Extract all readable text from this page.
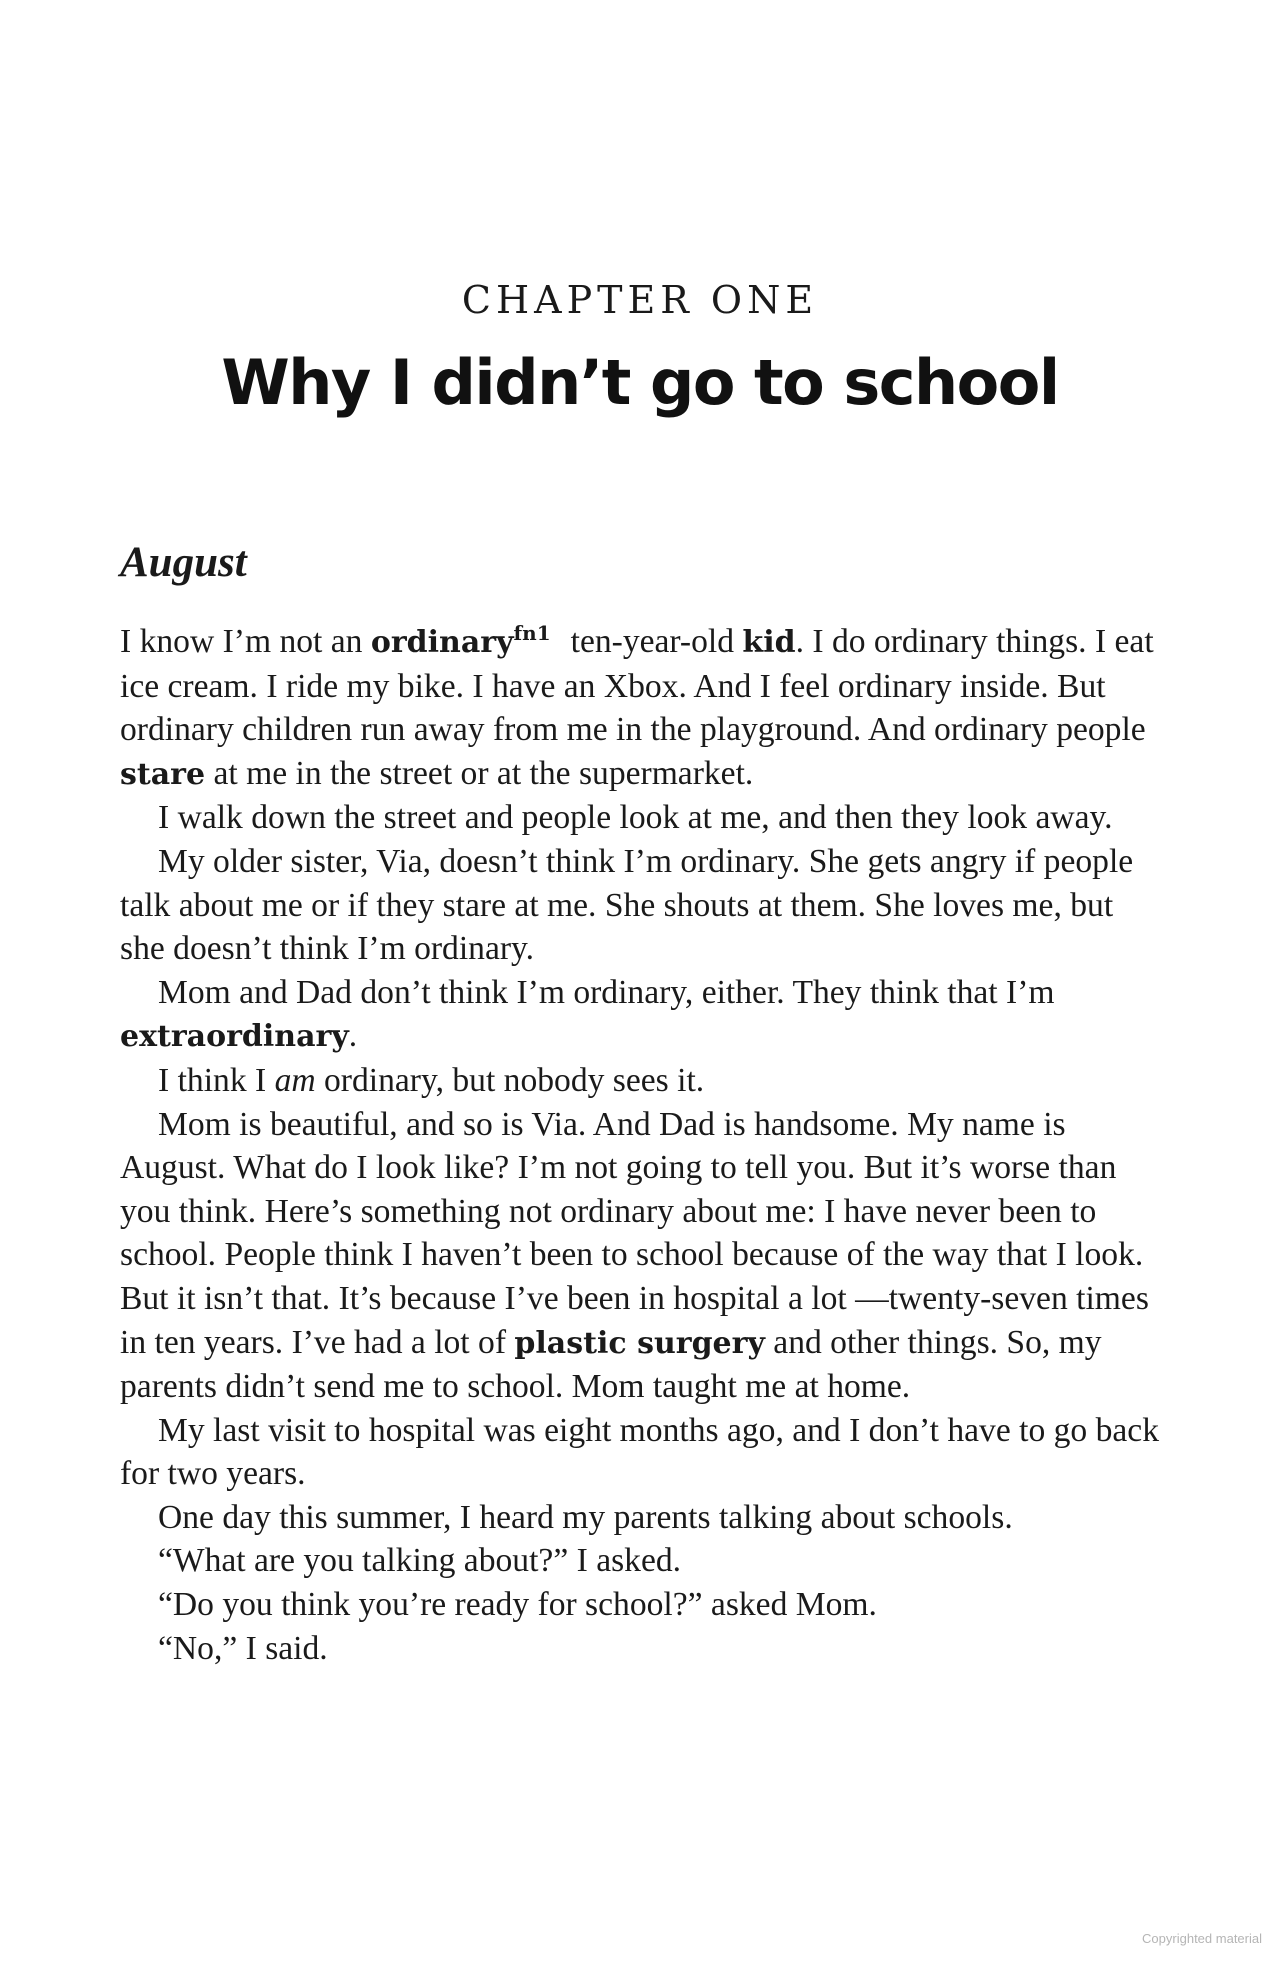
CHAPTER ONE
Why I didn’t go to school
August

I know I’m not an ordinary$^{fn1}$ ten-year-old kid. I do ordinary things. I eat ice cream. I ride my bike. I have an Xbox. And I feel ordinary inside. But ordinary children run away from me in the playground. And ordinary people stare at me in the street or at the supermarket.

I walk down the street and people look at me, and then they look away.

My older sister, Via, doesn’t think I’m ordinary. She gets angry if people talk about me or if they stare at me. She shouts at them. She loves me, but she doesn’t think I’m ordinary.

Mom and Dad don’t think I’m ordinary, either. They think that I’m extraordinary.

I think I am ordinary, but nobody sees it.

Mom is beautiful, and so is Via. And Dad is handsome. My name is August. What do I look like? I’m not going to tell you. But it’s worse than you think. Here’s something not ordinary about me: I have never been to school. People think I haven’t been to school because of the way that I look. But it isn’t that. It’s because I’ve been in hospital a lot —twenty-seven times in ten years. I’ve had a lot of plastic surgery and other things. So, my parents didn’t send me to school. Mom taught me at home.

My last visit to hospital was eight months ago, and I don’t have to go back for two years.

One day this summer, I heard my parents talking about schools.

“What are you talking about?” I asked.

“Do you think you’re ready for school?” asked Mom.

“No,” I said.

Copyrighted material
